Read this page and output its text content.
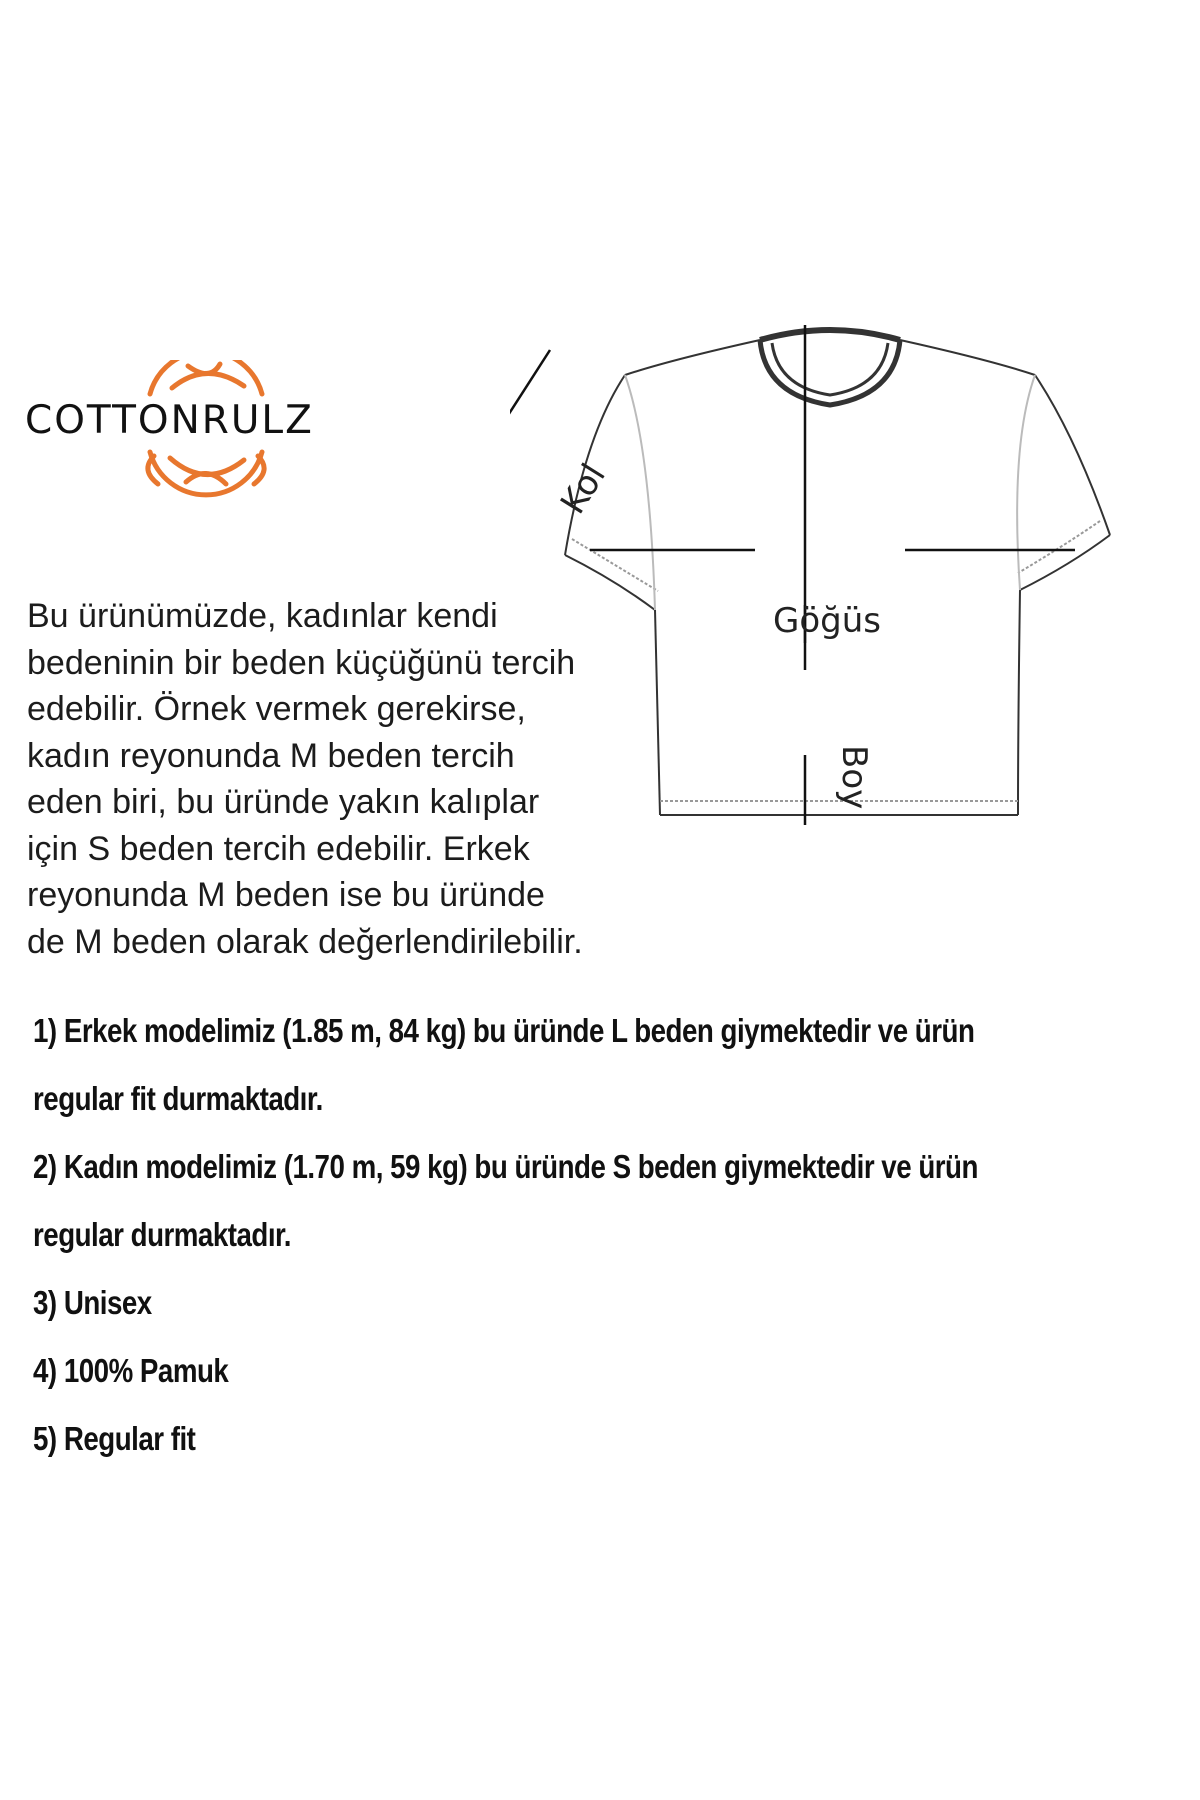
COTTONRULZ
Bu ürünümüzde, kadınlar kendi
bedeninin bir beden küçüğünü tercih
edebilir. Örnek vermek gerekirse,
kadın reyonunda M beden tercih
eden biri, bu üründe yakın kalıplar
için S beden tercih edebilir. Erkek
reyonunda M beden ise bu üründe
de M beden olarak değerlendirilebilir.
Göğüs
Boy
Kol
1) Erkek modelimiz (1.85 m, 84 kg) bu üründe L beden giymektedir ve ürün
regular fit durmaktadır.
2) Kadın modelimiz (1.70 m, 59 kg) bu üründe S beden giymektedir ve ürün
regular durmaktadır.
3) Unisex
4) 100% Pamuk
5) Regular fit
